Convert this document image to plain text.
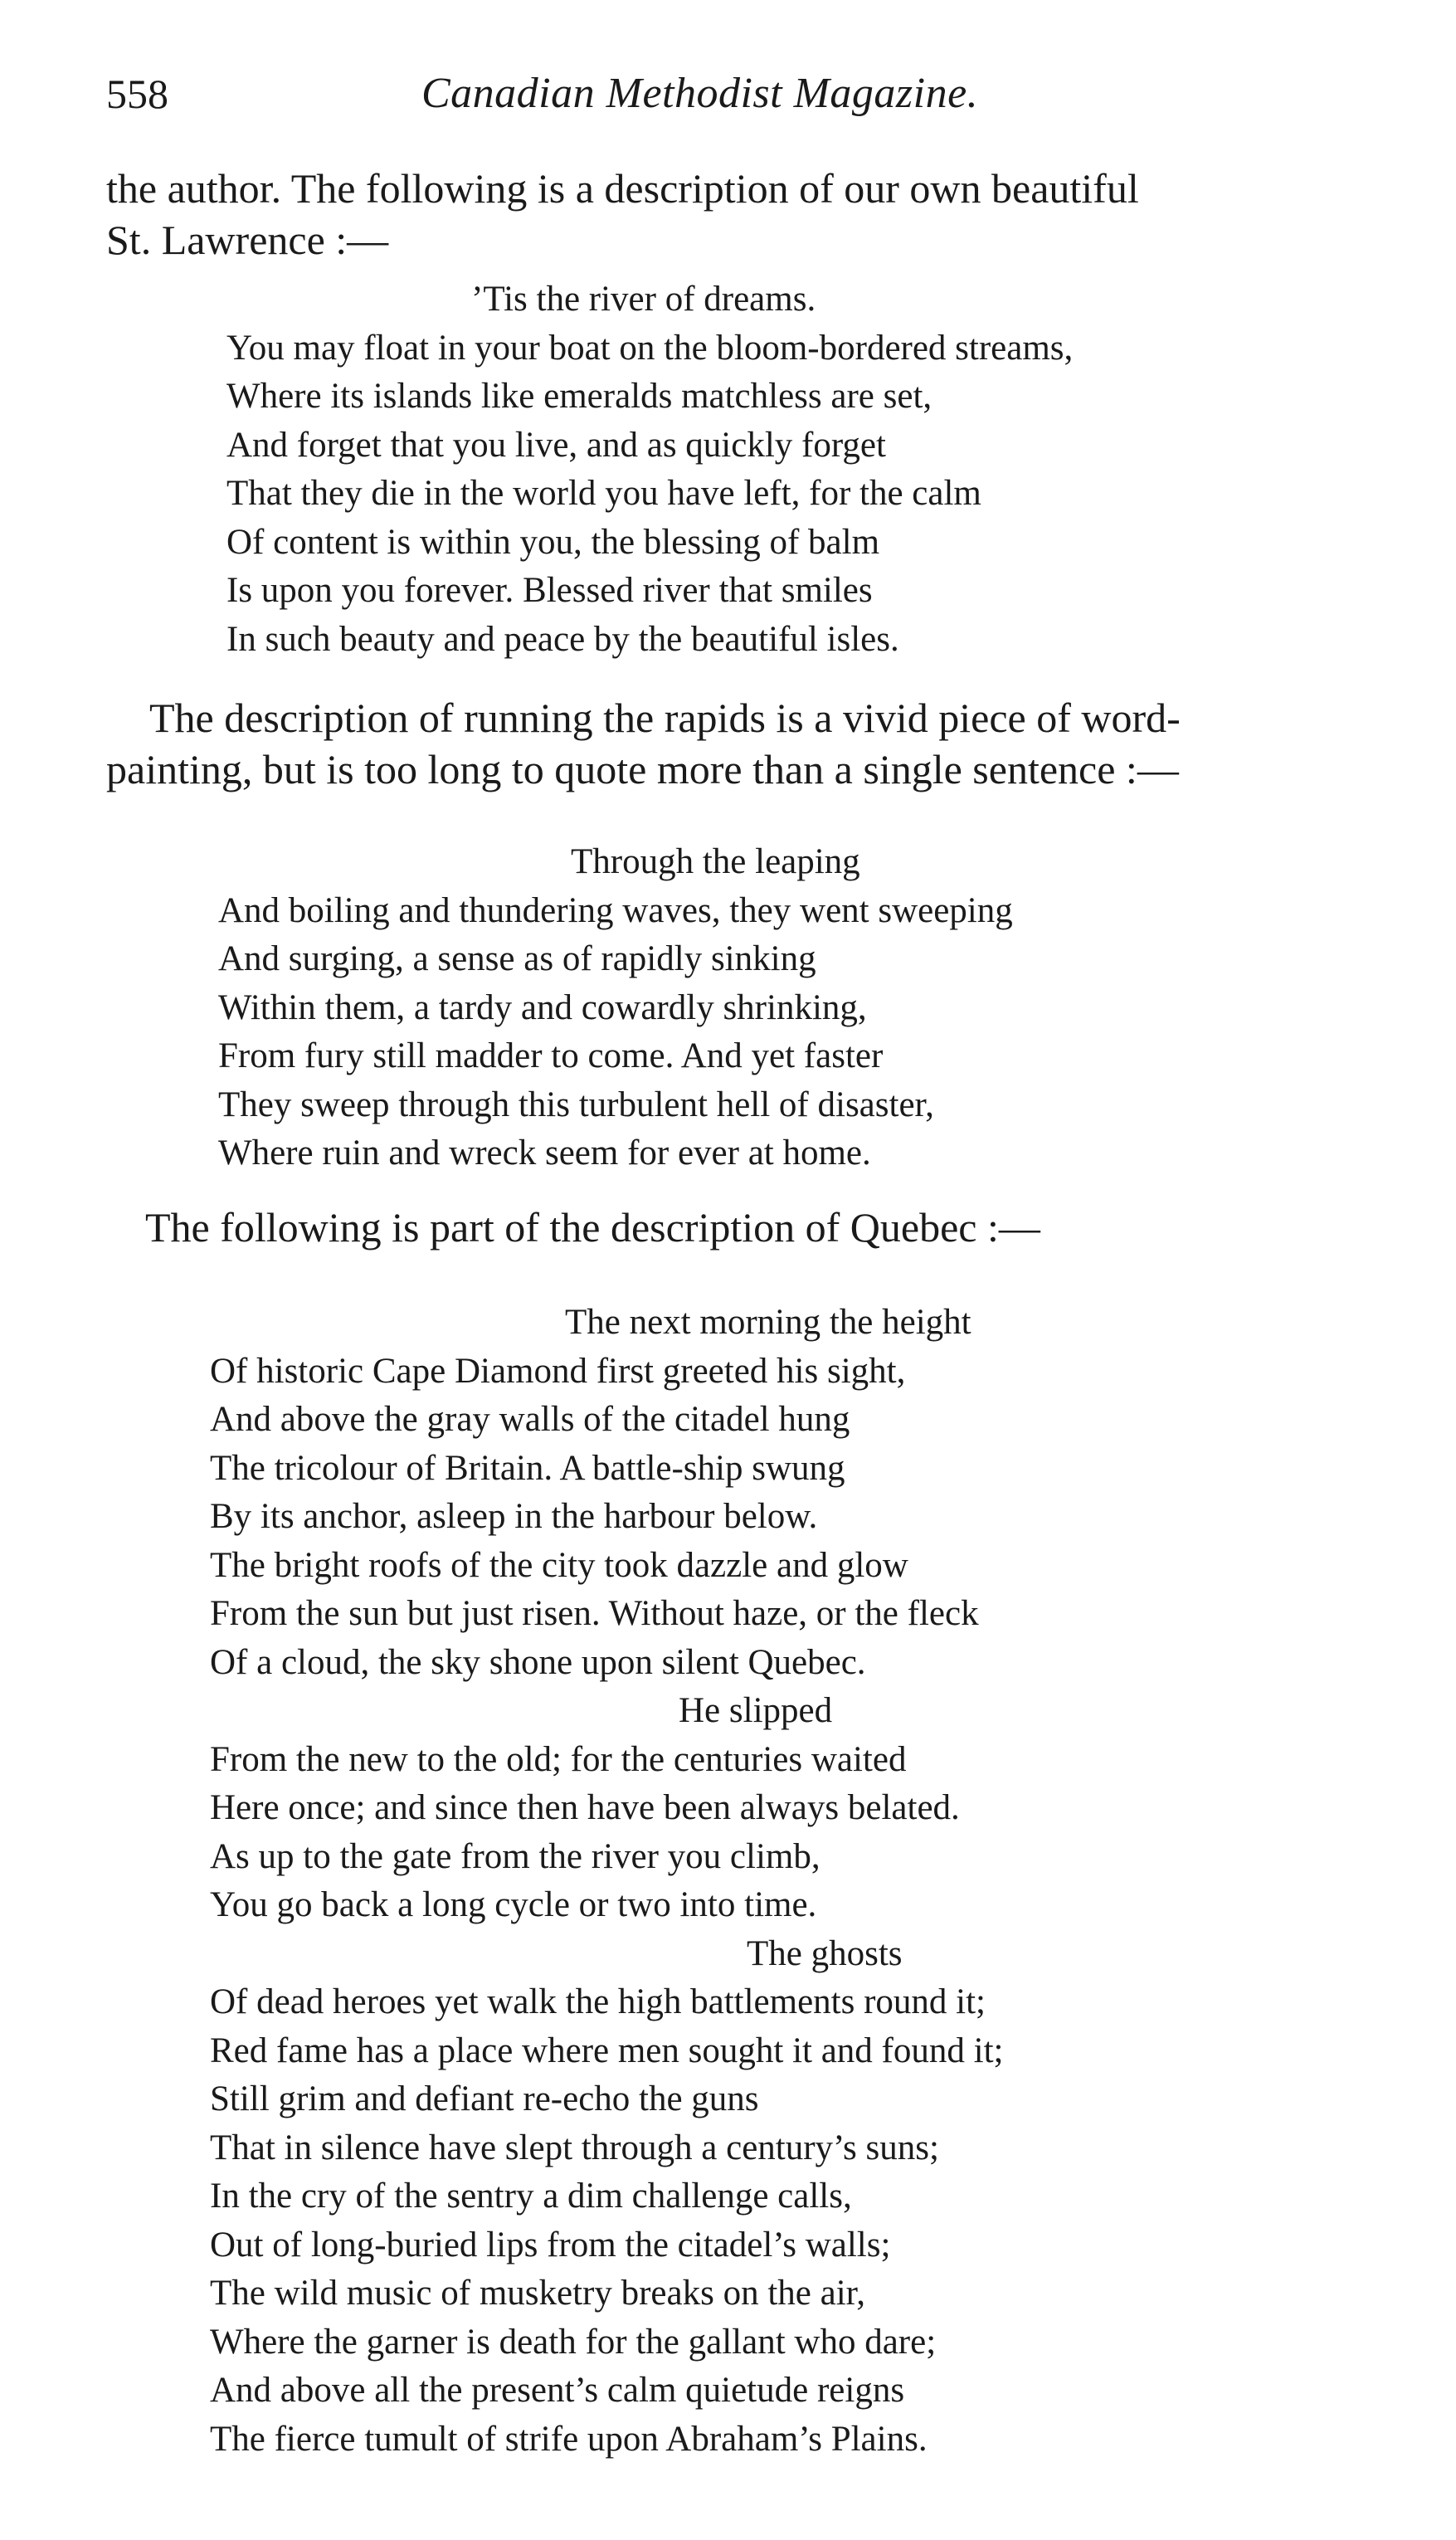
558	Canadian Methodist Magazine.
the author. The following is a description of our own beautiful
St. Lawrence :—
’Tis the river of dreams.
You may float in your boat on the bloom-bordered streams,
Where its islands like emeralds matchless are set,
And forget that you live, and as quickly forget
That they die in the world you have left, for the calm
Of content is within you, the blessing of balm
Is upon you forever. Blessed river that smiles
In such beauty and peace by the beautiful isles.
The description of running the rapids is a vivid piece of word-
painting, but is too long to quote more than a single sentence :—
Through the leaping
And boiling and thundering waves, they went sweeping
And surging, a sense as of rapidly sinking
Within them, a tardy and cowardly shrinking,
From fury still madder to come. And yet faster
They sweep through this turbulent hell of disaster,
Where ruin and wreck seem for ever at home.
The following is part of the description of Quebec :—
The next morning the height
Of historic Cape Diamond first greeted his sight,
And above the gray walls of the citadel hung
The tricolour of Britain. A battle-ship swung
By its anchor, asleep in the harbour below.
The bright roofs of the city took dazzle and glow
From the sun but just risen. Without haze, or the fleck
Of a cloud, the sky shone upon silent Quebec.
He slipped
From the new to the old; for the centuries waited
Here once; and since then have been always belated.
As up to the gate from the river you climb,
You go back a long cycle or two into time.
The ghosts
Of dead heroes yet walk the high battlements round it;
Red fame has a place where men sought it and found it;
Still grim and defiant re-echo the guns
That in silence have slept through a century’s suns;
In the cry of the sentry a dim challenge calls,
Out of long-buried lips from the citadel’s walls;
The wild music of musketry breaks on the air,
Where the garner is death for the gallant who dare;
And above all the present’s calm quietude reigns
The fierce tumult of strife upon Abraham’s Plains.
